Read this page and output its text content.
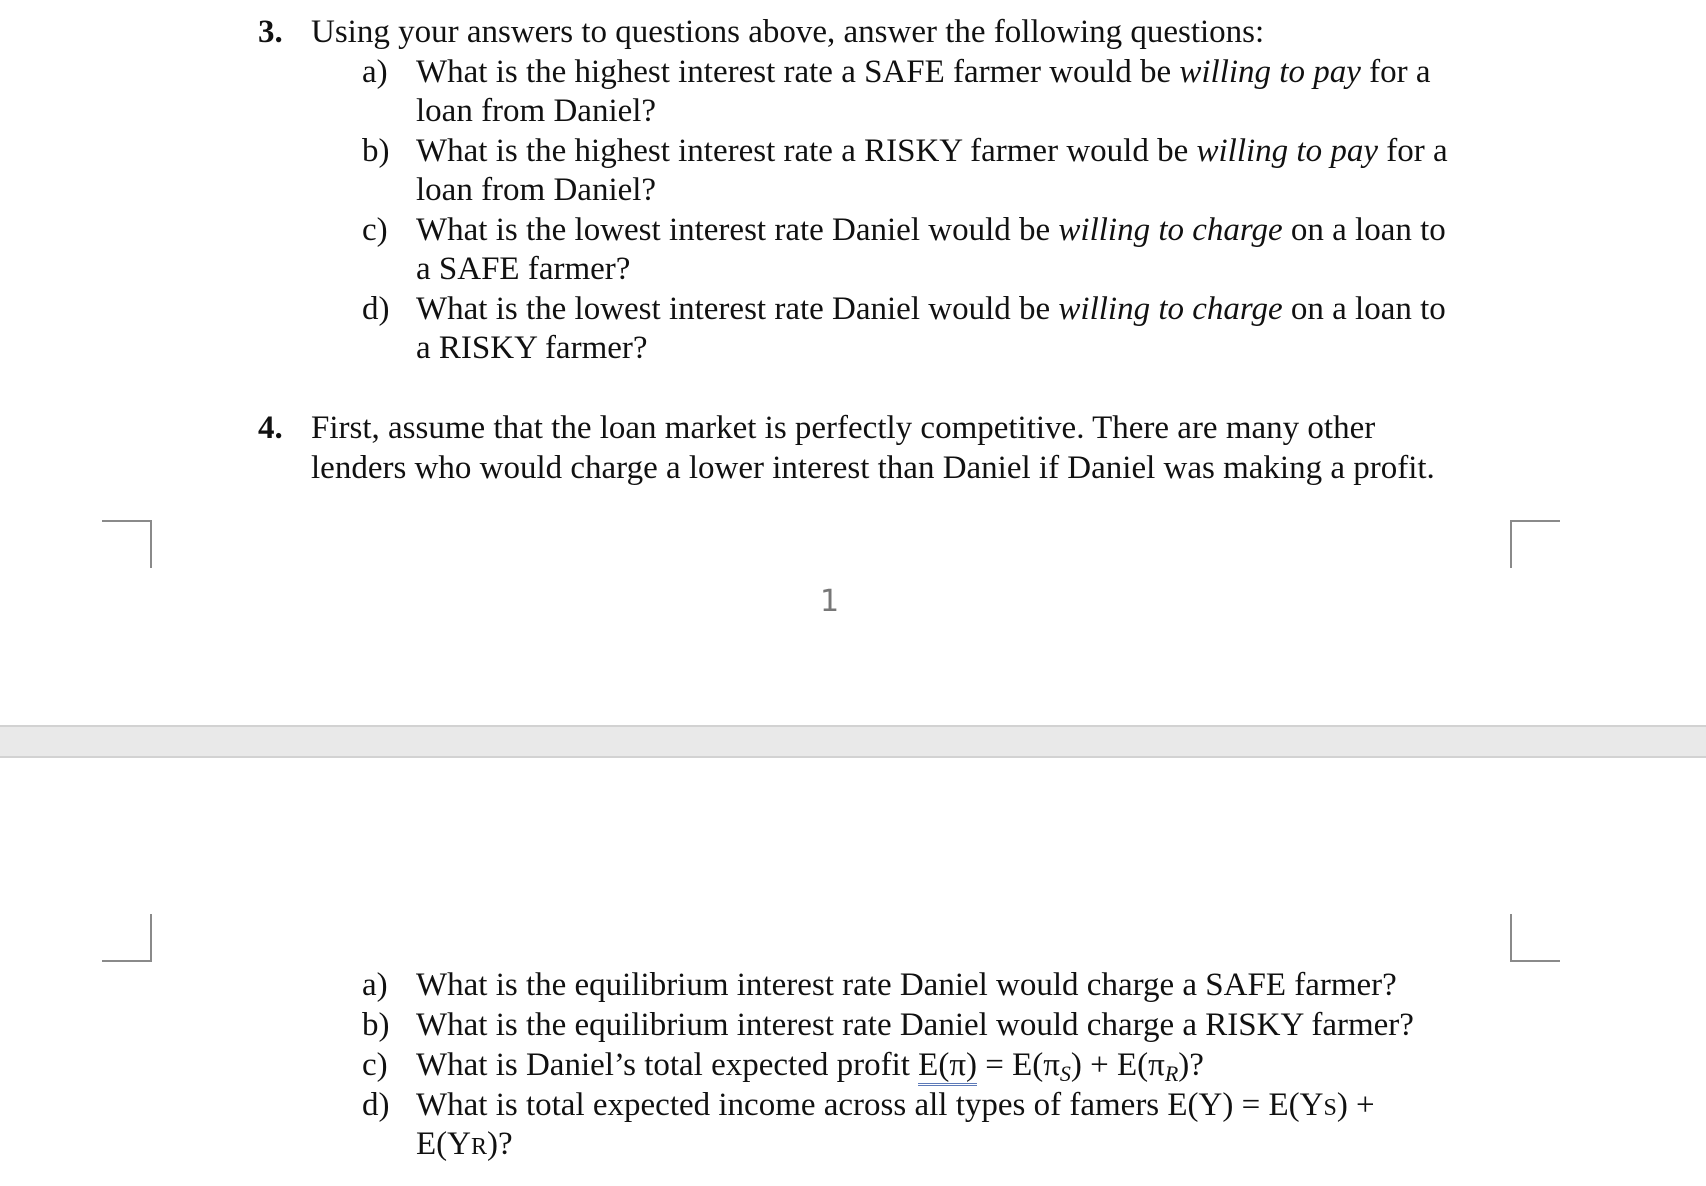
3. Using your answers to questions above, answer the following questions:
a) What is the highest interest rate a SAFE farmer would be willing to pay for a
loan from Daniel?
b) What is the highest interest rate a RISKY farmer would be willing to pay for a
loan from Daniel?
c) What is the lowest interest rate Daniel would be willing to charge on a loan to
a SAFE farmer?
d) What is the lowest interest rate Daniel would be willing to charge on a loan to
a RISKY farmer?
4. First, assume that the loan market is perfectly competitive. There are many other
lenders who would charge a lower interest than Daniel if Daniel was making a profit.
1
a) What is the equilibrium interest rate Daniel would charge a SAFE farmer?
b) What is the equilibrium interest rate Daniel would charge a RISKY farmer?
c) What is Daniel’s total expected profit $E(\pi) = E(\pi_S) + E(\pi_R)$?
d) What is total expected income across all types of famers E(Y) = E(YS) +
E(YR)?
